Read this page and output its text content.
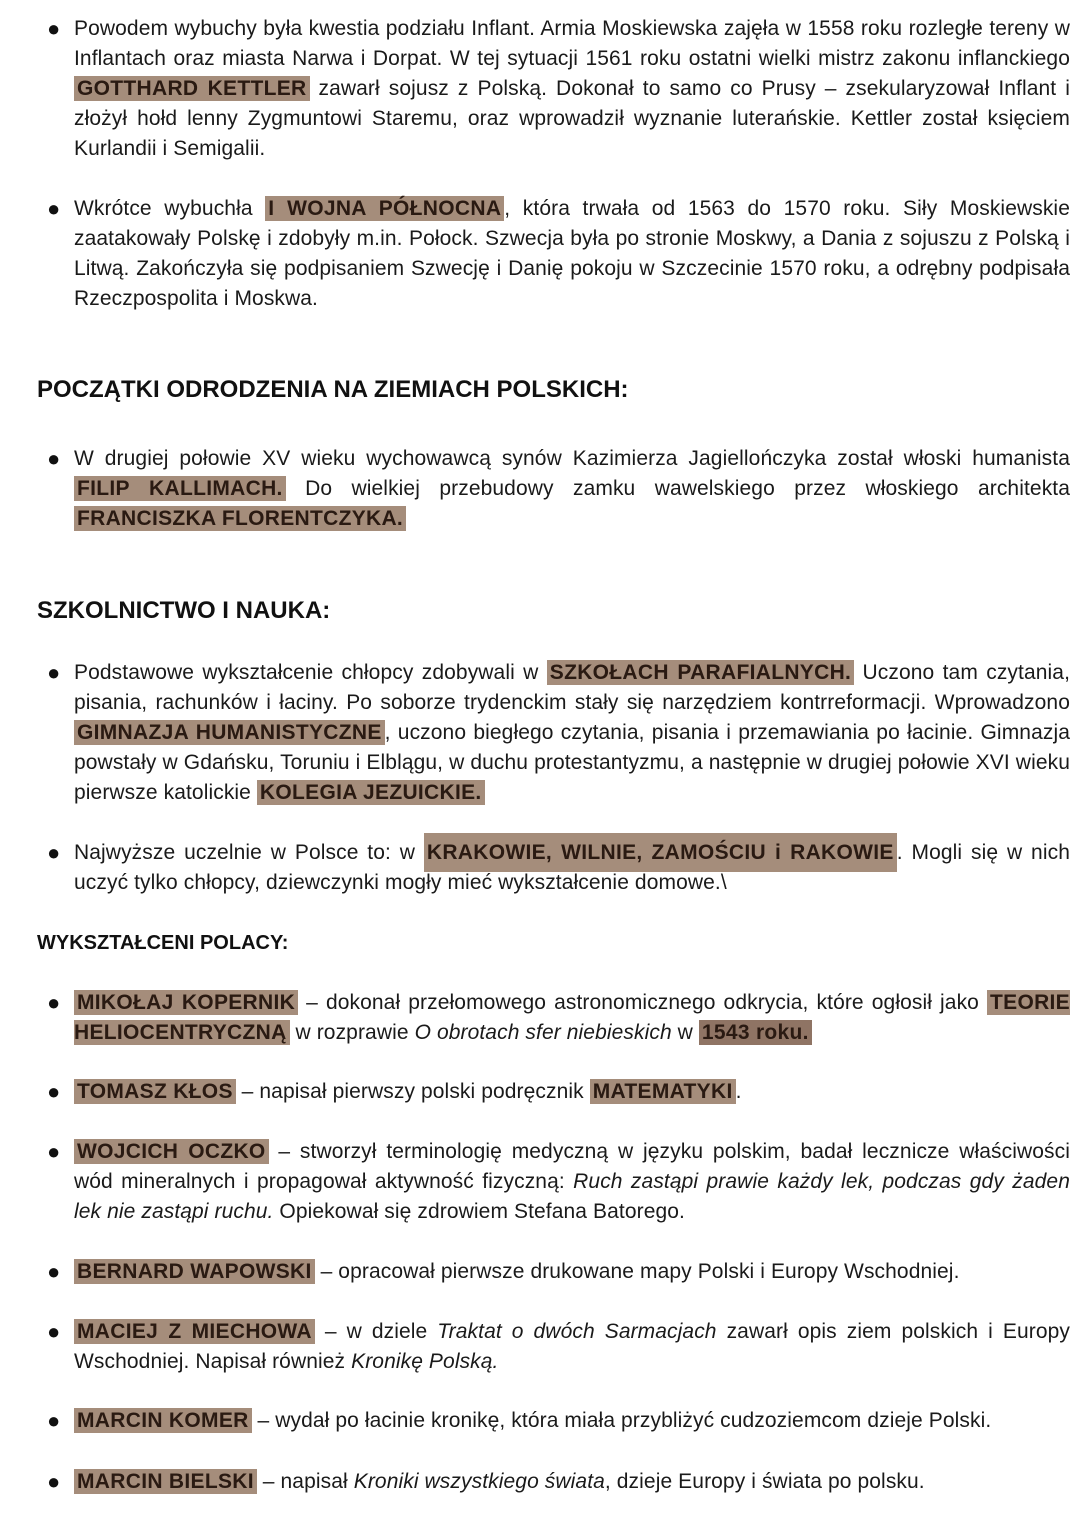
● Powodem wybuchy była kwestia podziału Inflant. Armia Moskiewska zajęła w 1558 roku rozległe tereny w Inflantach oraz miasta Narwa i Dorpat. W tej sytuacji 1561 roku ostatni wielki mistrz zakonu inflanckiego GOTTHARD KETTLER zawarł sojusz z Polską. Dokonał to samo co Prusy – zsekularyzował Inflant i złożył hołd lenny Zygmuntowi Staremu, oraz wprowadził wyznanie luterańskie. Kettler został księciem Kurlandii i Semigalii.
● Wkrótce wybuchła I WOJNA PÓŁNOCNA , która trwała od 1563 do 1570 roku. Siły Moskiewskie zaatakowały Polskę i zdobyły m.in. Połock. Szwecja była po stronie Moskwy, a Dania z sojuszu z Polską i Litwą. Zakończyła się podpisaniem Szwecję i Danię pokoju w Szczecinie 1570 roku, a odrębny podpisała Rzeczpospolita i Moskwa.
POCZĄTKI ODRODZENIA NA ZIEMIACH POLSKICH:
● W drugiej połowie XV wieku wychowawcą synów Kazimierza Jagiellończyka został włoski humanista FILIP KALLIMACH. Do wielkiej przebudowy zamku wawelskiego przez włoskiego architekta FRANCISZKA FLORENTCZYKA.
SZKOLNICTWO I NAUKA:
● Podstawowe wykształcenie chłopcy zdobywali w SZKOŁACH PARAFIALNYCH. Uczono tam czytania, pisania, rachunków i łaciny. Po soborze trydenckim stały się narzędziem kontrreformacji. Wprowadzono GIMNAZJA HUMANISTYCZNE , uczono biegłego czytania, pisania i przemawiania po łacinie. Gimnazja powstały w Gdańsku, Toruniu i Elblągu, w duchu protestantyzmu, a następnie w drugiej połowie XVI wieku pierwsze katolickie KOLEGIA JEZUICKIE.
● Najwyższe uczelnie w Polsce to: w KRAKOWIE, WILNIE, ZAMOŚCIU i RAKOWIE . Mogli się w nich uczyć tylko chłopcy, dziewczynki mogły mieć wykształcenie domowe.\
WYKSZTAŁCENI POLACY:
● MIKOŁAJ KOPERNIK – dokonał przełomowego astronomicznego odkrycia, które ogłosił jako TEORIE HELIOCENTRYCZNĄ w rozprawie O obrotach sfer niebieskich w 1543 roku.
● TOMASZ KŁOS – napisał pierwszy polski podręcznik MATEMATYKI .
● WOJCICH OCZKO – stworzył terminologię medyczną w języku polskim, badał lecznicze właściwości wód mineralnych i propagował aktywność fizyczną: Ruch zastąpi prawie każdy lek, podczas gdy żaden lek nie zastąpi ruchu. Opiekował się zdrowiem Stefana Batorego.
● BERNARD WAPOWSKI – opracował pierwsze drukowane mapy Polski i Europy Wschodniej.
● MACIEJ Z MIECHOWA – w dziele Traktat o dwóch Sarmacjach zawarł opis ziem polskich i Europy Wschodniej. Napisał również Kronikę Polską.
● MARCIN KOMER – wydał po łacinie kronikę, która miała przybliżyć cudzoziemcom dzieje Polski.
● MARCIN BIELSKI – napisał Kroniki wszystkiego świata, dzieje Europy i świata po polsku.
